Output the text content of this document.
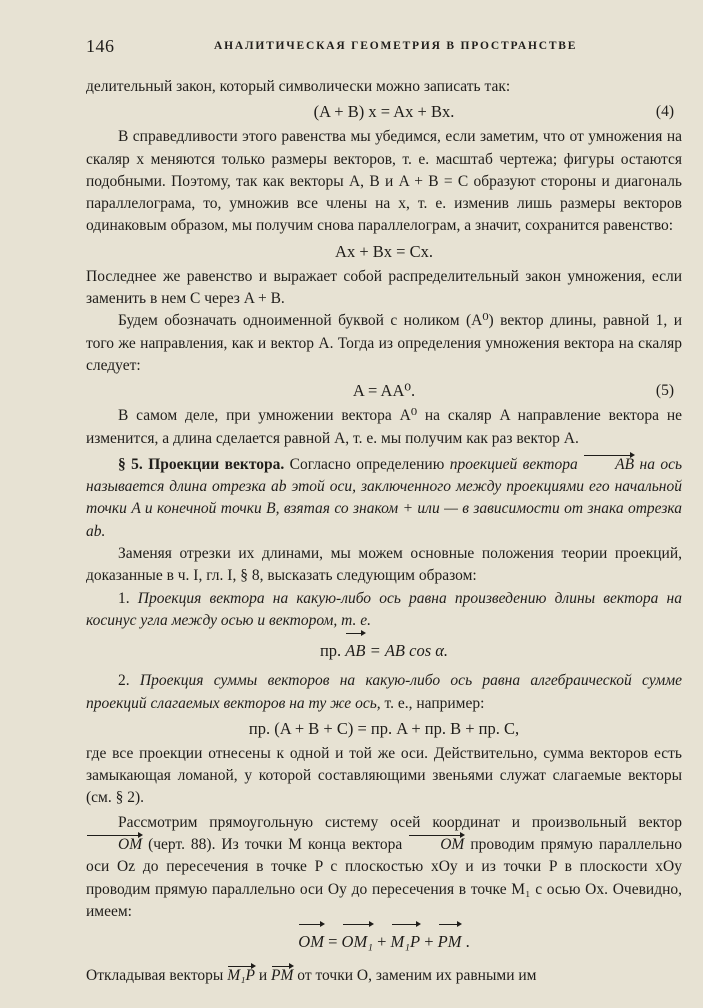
146	АНАЛИТИЧЕСКАЯ ГЕОМЕТРИЯ В ПРОСТРАНСТВЕ

делительный закон, который символически можно записать так:

(A + B) x = Ax + Bx.	(4)

В справедливости этого равенства мы убедимся, если заметим, что от умножения на скаляр x меняются только размеры векторов, т. е. масштаб чертежа; фигуры остаются подобными. Поэтому, так как векторы A, B и A + B = C образуют стороны и диагональ параллелограма, то, умножив все члены на x, т. е. изменив лишь размеры векторов одинаковым образом, мы получим снова параллелограм, а значит, сохранится равенство:

Ax + Bx = Cx.

Последнее же равенство и выражает собой распределительный закон умножения, если заменить в нем C через A + B.

Будем обозначать одноименной буквой с ноликом (A⁰) вектор длины, равной 1, и того же направления, как и вектор A. Тогда из определения умножения вектора на скаляр следует:

A = AA⁰.	(5)

В самом деле, при умножении вектора A⁰ на скаляр A направление вектора не изменится, а длина сделается равной A, т. е. мы получим как раз вектор A.

§ 5. Проекции вектора. Согласно определению проекцией вектора AB на ось называется длина отрезка ab этой оси, заключенного между проекциями его начальной точки A и конечной точки B, взятая со знаком + или — в зависимости от знака отрезка ab.

Заменяя отрезки их длинами, мы можем основные положения теории проекций, доказанные в ч. I, гл. I, § 8, высказать следующим образом:

1. Проекция вектора на какую-либо ось равна произведению длины вектора на косинус угла между осью и вектором, т. е.

пр. AB = AB cos α.

2. Проекция суммы векторов на какую-либо ось равна алгебраической сумме проекций слагаемых векторов на ту же ось, т. е., например:

пр. (A + B + C) = пр. A + пр. B + пр. C,

где все проекции отнесены к одной и той же оси. Действительно, сумма векторов есть замыкающая ломаной, у которой составляющими звеньями служат слагаемые векторы (см. § 2).

Рассмотрим прямоугольную систему осей координат и произвольный вектор OM (черт. 88). Из точки M конца вектора OM проводим прямую параллельно оси Oz до пересечения в точке P с плоскостью xOy и из точки P в плоскости xOy проводим прямую параллельно оси Oy до пересечения в точке M₁ с осью Ox. Очевидно, имеем:

OM = OM₁ + M₁P + PM .

Откладывая векторы M₁P и PM от точки O, заменим их равными им
